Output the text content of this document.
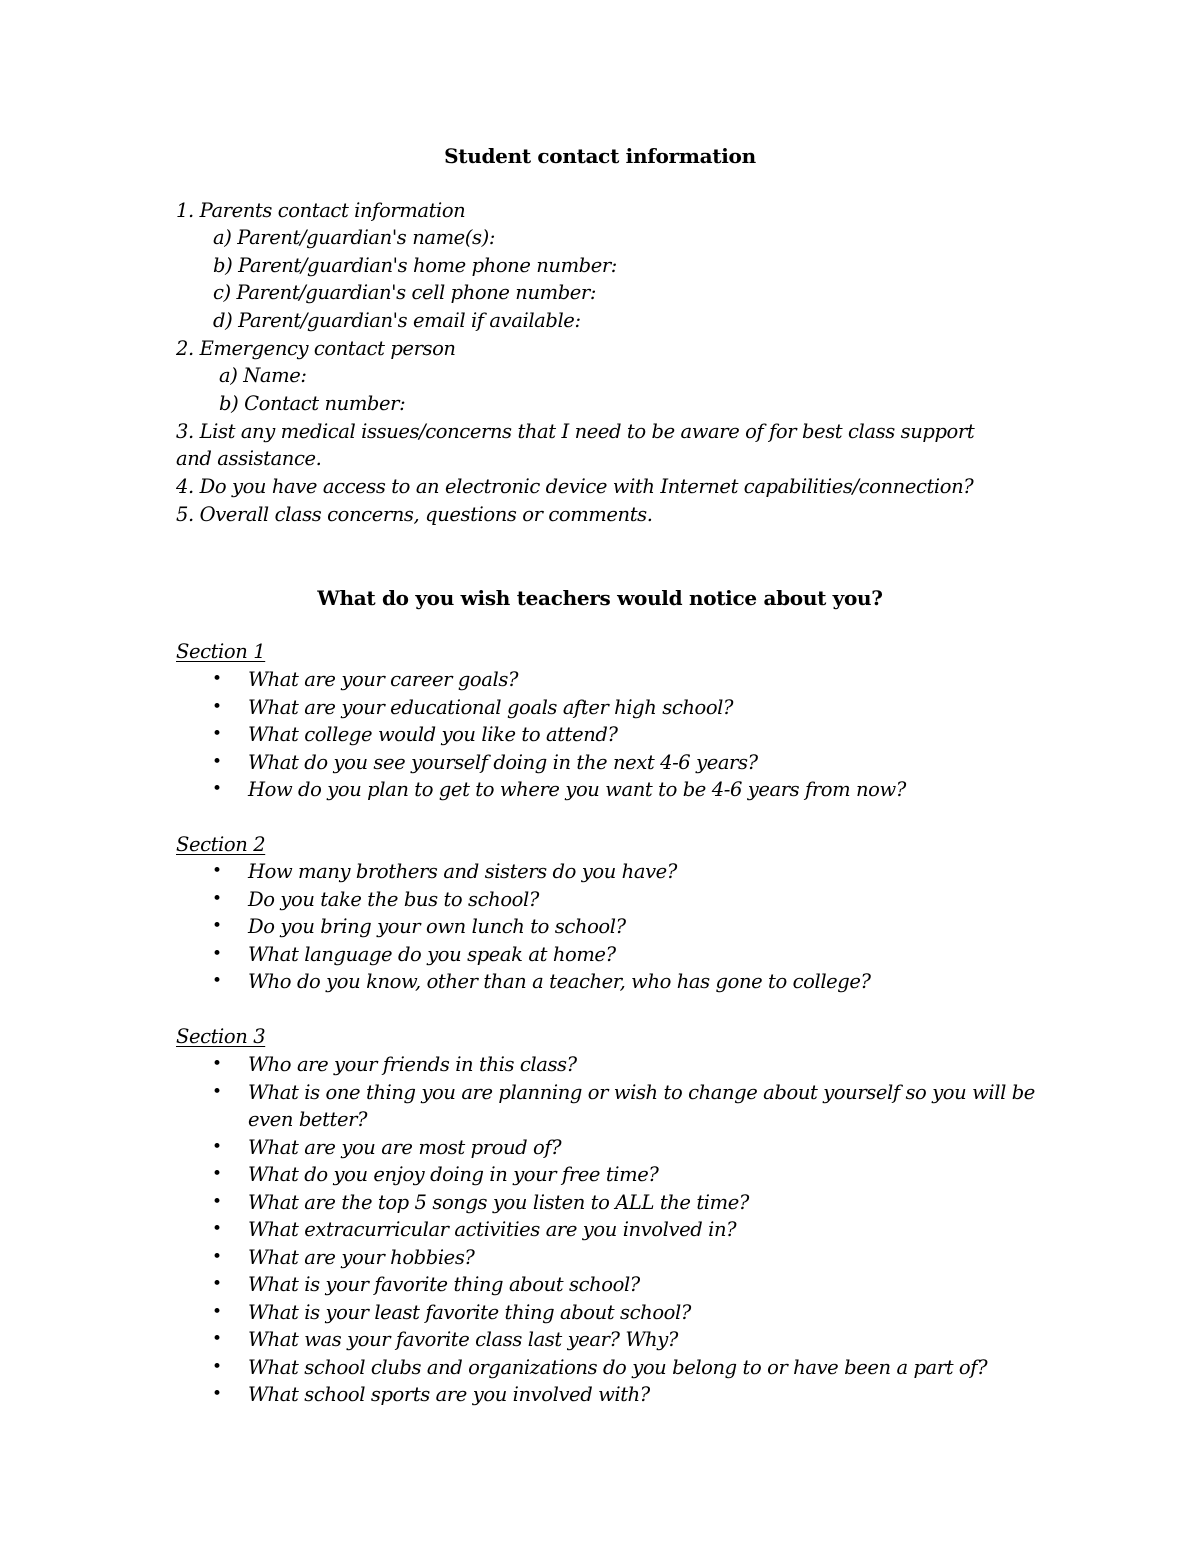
Student contact information
1. Parents contact information
a) Parent/guardian's name(s):
b) Parent/guardian's home phone number:
c) Parent/guardian's cell phone number:
d) Parent/guardian's email if available:
2. Emergency contact person
a) Name:
b) Contact number:
3. List any medical issues/concerns that I need to be aware of for best class support
and assistance.
4. Do you have access to an electronic device with Internet capabilities/connection?
5. Overall class concerns, questions or comments.
What do you wish teachers would notice about you?
Section 1
• What are your career goals?
• What are your educational goals after high school?
• What college would you like to attend?
• What do you see yourself doing in the next 4-6 years?
• How do you plan to get to where you want to be 4-6 years from now?
Section 2
• How many brothers and sisters do you have?
• Do you take the bus to school?
• Do you bring your own lunch to school?
• What language do you speak at home?
• Who do you know, other than a teacher, who has gone to college?
Section 3
• Who are your friends in this class?
• What is one thing you are planning or wish to change about yourself so you will be even better?
• What are you are most proud of?
• What do you enjoy doing in your free time?
• What are the top 5 songs you listen to ALL the time?
• What extracurricular activities are you involved in?
• What are your hobbies?
• What is your favorite thing about school?
• What is your least favorite thing about school?
• What was your favorite class last year? Why?
• What school clubs and organizations do you belong to or have been a part of?
• What school sports are you involved with?
